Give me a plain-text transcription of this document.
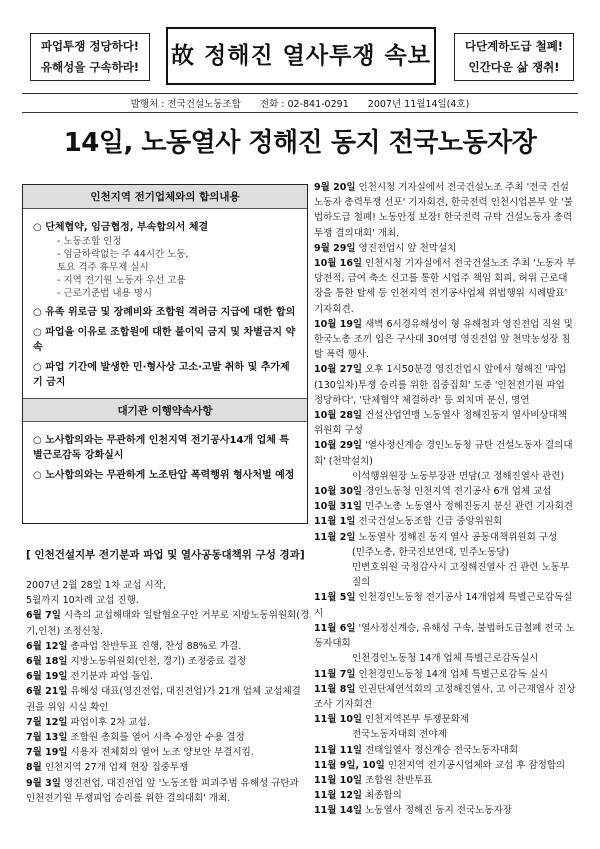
파업투쟁 정당하다!
유해성을 구속하라!	故 정해진 열사투쟁 속보	다단계하도급 철폐!
인간다운 삶 쟁취!
발행처 : 전국건설노동조합 전화 : 02-841-0291 2007년 11월14일(4호)
14일, 노동열사 정해진 동지 전국노동자장
인천지역 전기업체와의 합의내용
○ 단체협약, 임금협정, 부속합의서 체결
- 노동조합 인정
- 임금하락없는 주 44시간 노동,
토요 격주 휴무제 실시
- 지역 전기원 노동자 우선 고용
- 근로기준법 내용 명시
○ 유족 위로금 및 장례비와 조합원 격려금 지급에 대한 합의
○ 파업을 이유로 조합원에 대한 불이익 금지 및 차별금지 약속
○ 파업 기간에 발생한 민·형사상 고소·고발 취하 및 추가제기 금지
대기관 이행약속사항
○ 노사합의와는 무관하게 인천지역 전기공사14개 업체 특별근로감독 강화실시
○ 노사합의와는 무관하게 노조탄압 폭력행위 형사처벌 예정
[ 인천건설지부 전기분과 파업 및 열사공동대책위 구성 경과]
2007년 2월 28일 1차 교섭 시작,
5월까지 10차례 교섭 진행.
6월 7일 시측의 교섭해태와 일탈협요구안 거부로 지방노동위원회(경기,인천) 조정신청.
6월 12일 총파업 찬반투표 진행, 찬성 88%로 가결.
6월 18일 지방노동위원회(인천, 경기) 조정중료 결정
6월 19일 전기분과 파업 돌입.
6월 21일 유해성 대표(영진전업, 대진전업)가 21개 업체 교섭체결권을 위임 시실 확인
7월 12일 파업이후 2차 교섭.
7월 13일 조합원 총회를 열어 시측 수정안 수용 결정
7월 19일 시용자 전체회의 열어 노조 양보안 부결시킴.
8월 인천지역 27개 업체 현장 집중투쟁
9월 3일 영진전업, 대진전업 앞 '노동조합 피괴주범 유해성 규탄과 인천전기원 투쟁피업 승리를 위한 결의대회' 개최.
9월 20일 인천시청 기자실에서 전국건설노조 주최 '전국 건설노동자 총력투쟁 선포' 기자회견, 한국전력 인천시업본부 앞 '불법하도급 철폐! 노동안정 보장! 한국전력 규탁 건설노동자 총력투쟁 결의대회' 개최.
9월 29일 영진전업시 앞 천막설치
10월 16일 인천시청 기자실에서 전국건설노조 주최 '노동자 부당전적, 급여 축소 신고를 통한 시업주 책임 회피, 허위 근로대장을 통한 탈세 등 인천지역 전기공사업체 위법행위 시례발표' 기자회견.
10월 19일 새벽 6시경유해성이 형 유해철과 영진전업 직원 및 한국노총 조끼 입은 구사대 30여명 영진전업 앞 천막농성장 침탈 폭력 행사.
10월 27일 오후 1시50분경 영진전업시 앞에서 형해진 '파업(130일차)투쟁 승리를 위한 집중집회' 도중 '인천전기원 파업 정당하다', '단체협약 체결하라' 등 외치며 분신, 명연
10월 28일 건설산업연맹 노동열사 정해진동지 열사비상대책위원회 구성
10월 29일 '열사정신계승 경인노동청 규탄 건설노동자 결의대회' (천막설치)
이석행위원장 노동부장관 면담(고 정해진열사 관련)
10월 30일 경인노동청 인천지역 전기공사 6개 업체 교섭
10월 31일 민주노총 노동열사 정해진동지 분신 관련 기자회견
11월 1일 전국건설노동조합 긴급 중앙위원회
11월 2일 노동열사 정해진 동지 열사 공동대책위원회 구성
(민주노총, 한국진보연대, 민주노동당)
민변호위원 국정감사시 고정해진열사 건 관련 노동부 질의
11월 5일 인천경인노동청 전기공사 14개업체 특별근로감독실시
11월 6일 '열사정신계승, 유해성 구속, 불법하도급철폐 전국 노동자대회
인천경인노동청 14개 업체 특별근로감독실시
11월 7일 인천경인노동청 14개 업체 특별근로감독 실시
11월 8일 인권단체연석회의 고정해진열사, 고 이근재열사 진상조사 기자회견
11월 10일 인천지역본부 투쟁문화제
전국노동자대회 전야제
11월 11일 전태일열사 정신계승 전국노동자대회
11월 9일, 10일 인천지역 전기공시업체와 교섭 후 잠정합의
11월 10일 조합원 찬반투표
11월 12일 최종합의
11월 14일 노동열사 정해진 동지 전국노동자장
